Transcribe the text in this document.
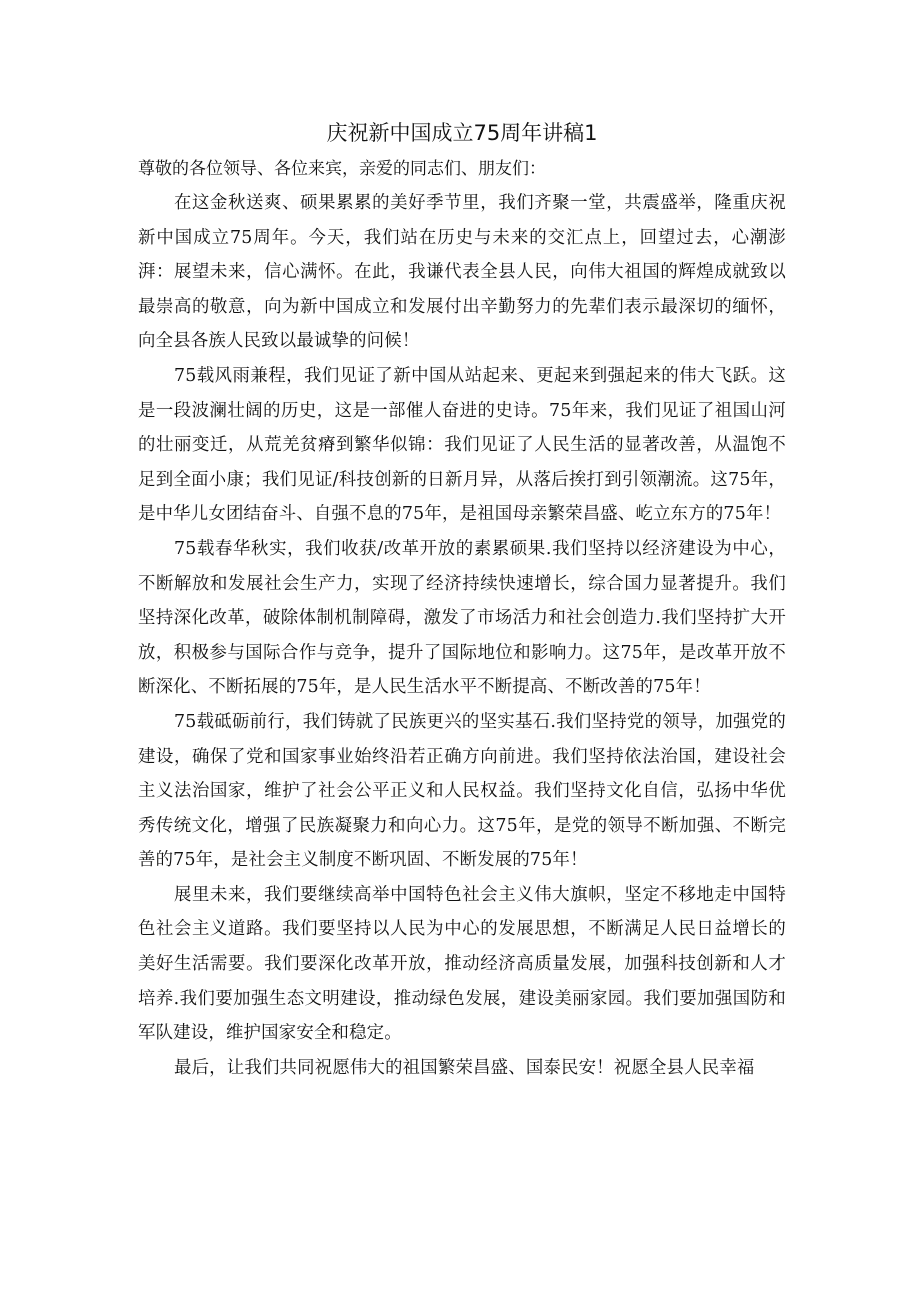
庆祝新中国成立75周年讲稿1

尊敬的各位领导、各位来宾，亲爱的同志们、朋友们：

在这金秋送爽、硕果累累的美好季节里，我们齐聚一堂，共震盛举，隆重庆祝新中国成立75周年。今天，我们站在历史与未来的交汇点上，回望过去，心潮澎湃：展望未来，信心满怀。在此，我谦代表全县人民，向伟大祖国的辉煌成就致以最崇高的敬意，向为新中国成立和发展付出辛勤努力的先辈们表示最深切的缅怀，向全县各族人民致以最诚挚的问候！

75载风雨兼程，我们见证了新中国从站起来、更起来到强起来的伟大飞跃。这是一段波澜壮阔的历史，这是一部催人奋进的史诗。75年来，我们见证了祖国山河的壮丽变迁，从荒羌贫瘠到繁华似锦：我们见证了人民生活的显著改善，从温饱不足到全面小康；我们见证/科技创新的日新月异，从落后挨打到引领潮流。这75年，是中华儿女团结奋斗、自强不息的75年，是祖国母亲繁荣昌盛、屹立东方的75年！

75载春华秋实，我们收获/改革开放的素累硕果.我们坚持以经济建设为中心，不断解放和发展社会生产力，实现了经济持续快速增长，综合国力显著提升。我们坚持深化改革，破除体制机制障碍，激发了市场活力和社会创造力.我们坚持扩大开放，积极参与国际合作与竞争，提升了国际地位和影响力。这75年，是改革开放不断深化、不断拓展的75年，是人民生活水平不断提高、不断改善的75年！

75载砥砺前行，我们铸就了民族更兴的坚实基石.我们坚持党的领导，加强党的建设，确保了党和国家事业始终沿若正确方向前进。我们坚持依法治国，建设社会主义法治国家，维护了社会公平正义和人民权益。我们坚持文化自信，弘扬中华优秀传统文化，增强了民族凝聚力和向心力。这75年，是党的领导不断加强、不断完善的75年，是社会主义制度不断巩固、不断发展的75年！

展里未来，我们要继续高举中国特色社会主义伟大旗帜，坚定不移地走中国特色社会主义道路。我们要坚持以人民为中心的发展思想，不断满足人民日益增长的美好生活需要。我们要深化改革开放，推动经济高质量发展，加强科技创新和人才培养.我们要加强生态文明建设，推动绿色发展，建设美丽家园。我们要加强国防和军队建设，维护国家安全和稳定。

最后，让我们共同祝愿伟大的祖国繁荣昌盛、国泰民安！祝愿全县人民幸福
